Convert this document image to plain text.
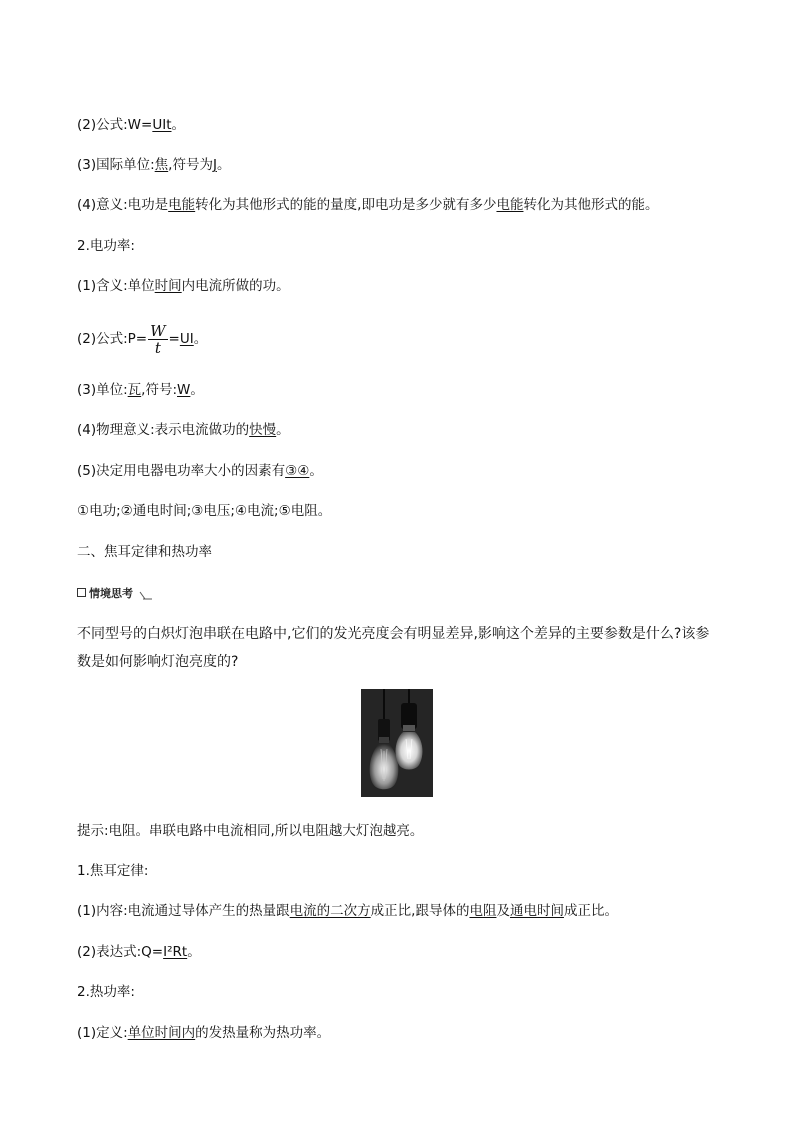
(2)公式:W=UIt。
(3)国际单位:焦,符号为J。
(4)意义:电功是电能转化为其他形式的能的量度,即电功是多少就有多少电能转化为其他形式的能。
2.电功率:
(1)含义:单位时间内电流所做的功。
(2)公式:P= $\frac{W}{t} =UI$。
(3)单位:瓦,符号:W。
(4)物理意义:表示电流做功的快慢。
(5)决定用电器电功率大小的因素有③④。
①电功;②通电时间;③电压;④电流;⑤电阻。
二、焦耳定律和热功率
情境思考
不同型号的白炽灯泡串联在电路中,它们的发光亮度会有明显差异,影响这个差异的主要参数是什么?该参数是如何影响灯泡亮度的?
提示:电阻。串联电路中电流相同,所以电阻越大灯泡越亮。
1.焦耳定律:
(1)内容:电流通过导体产生的热量跟电流的二次方成正比,跟导体的电阻及通电时间成正比。
(2)表达式:Q=I²Rt。
2.热功率:
(1)定义:单位时间内的发热量称为热功率。
